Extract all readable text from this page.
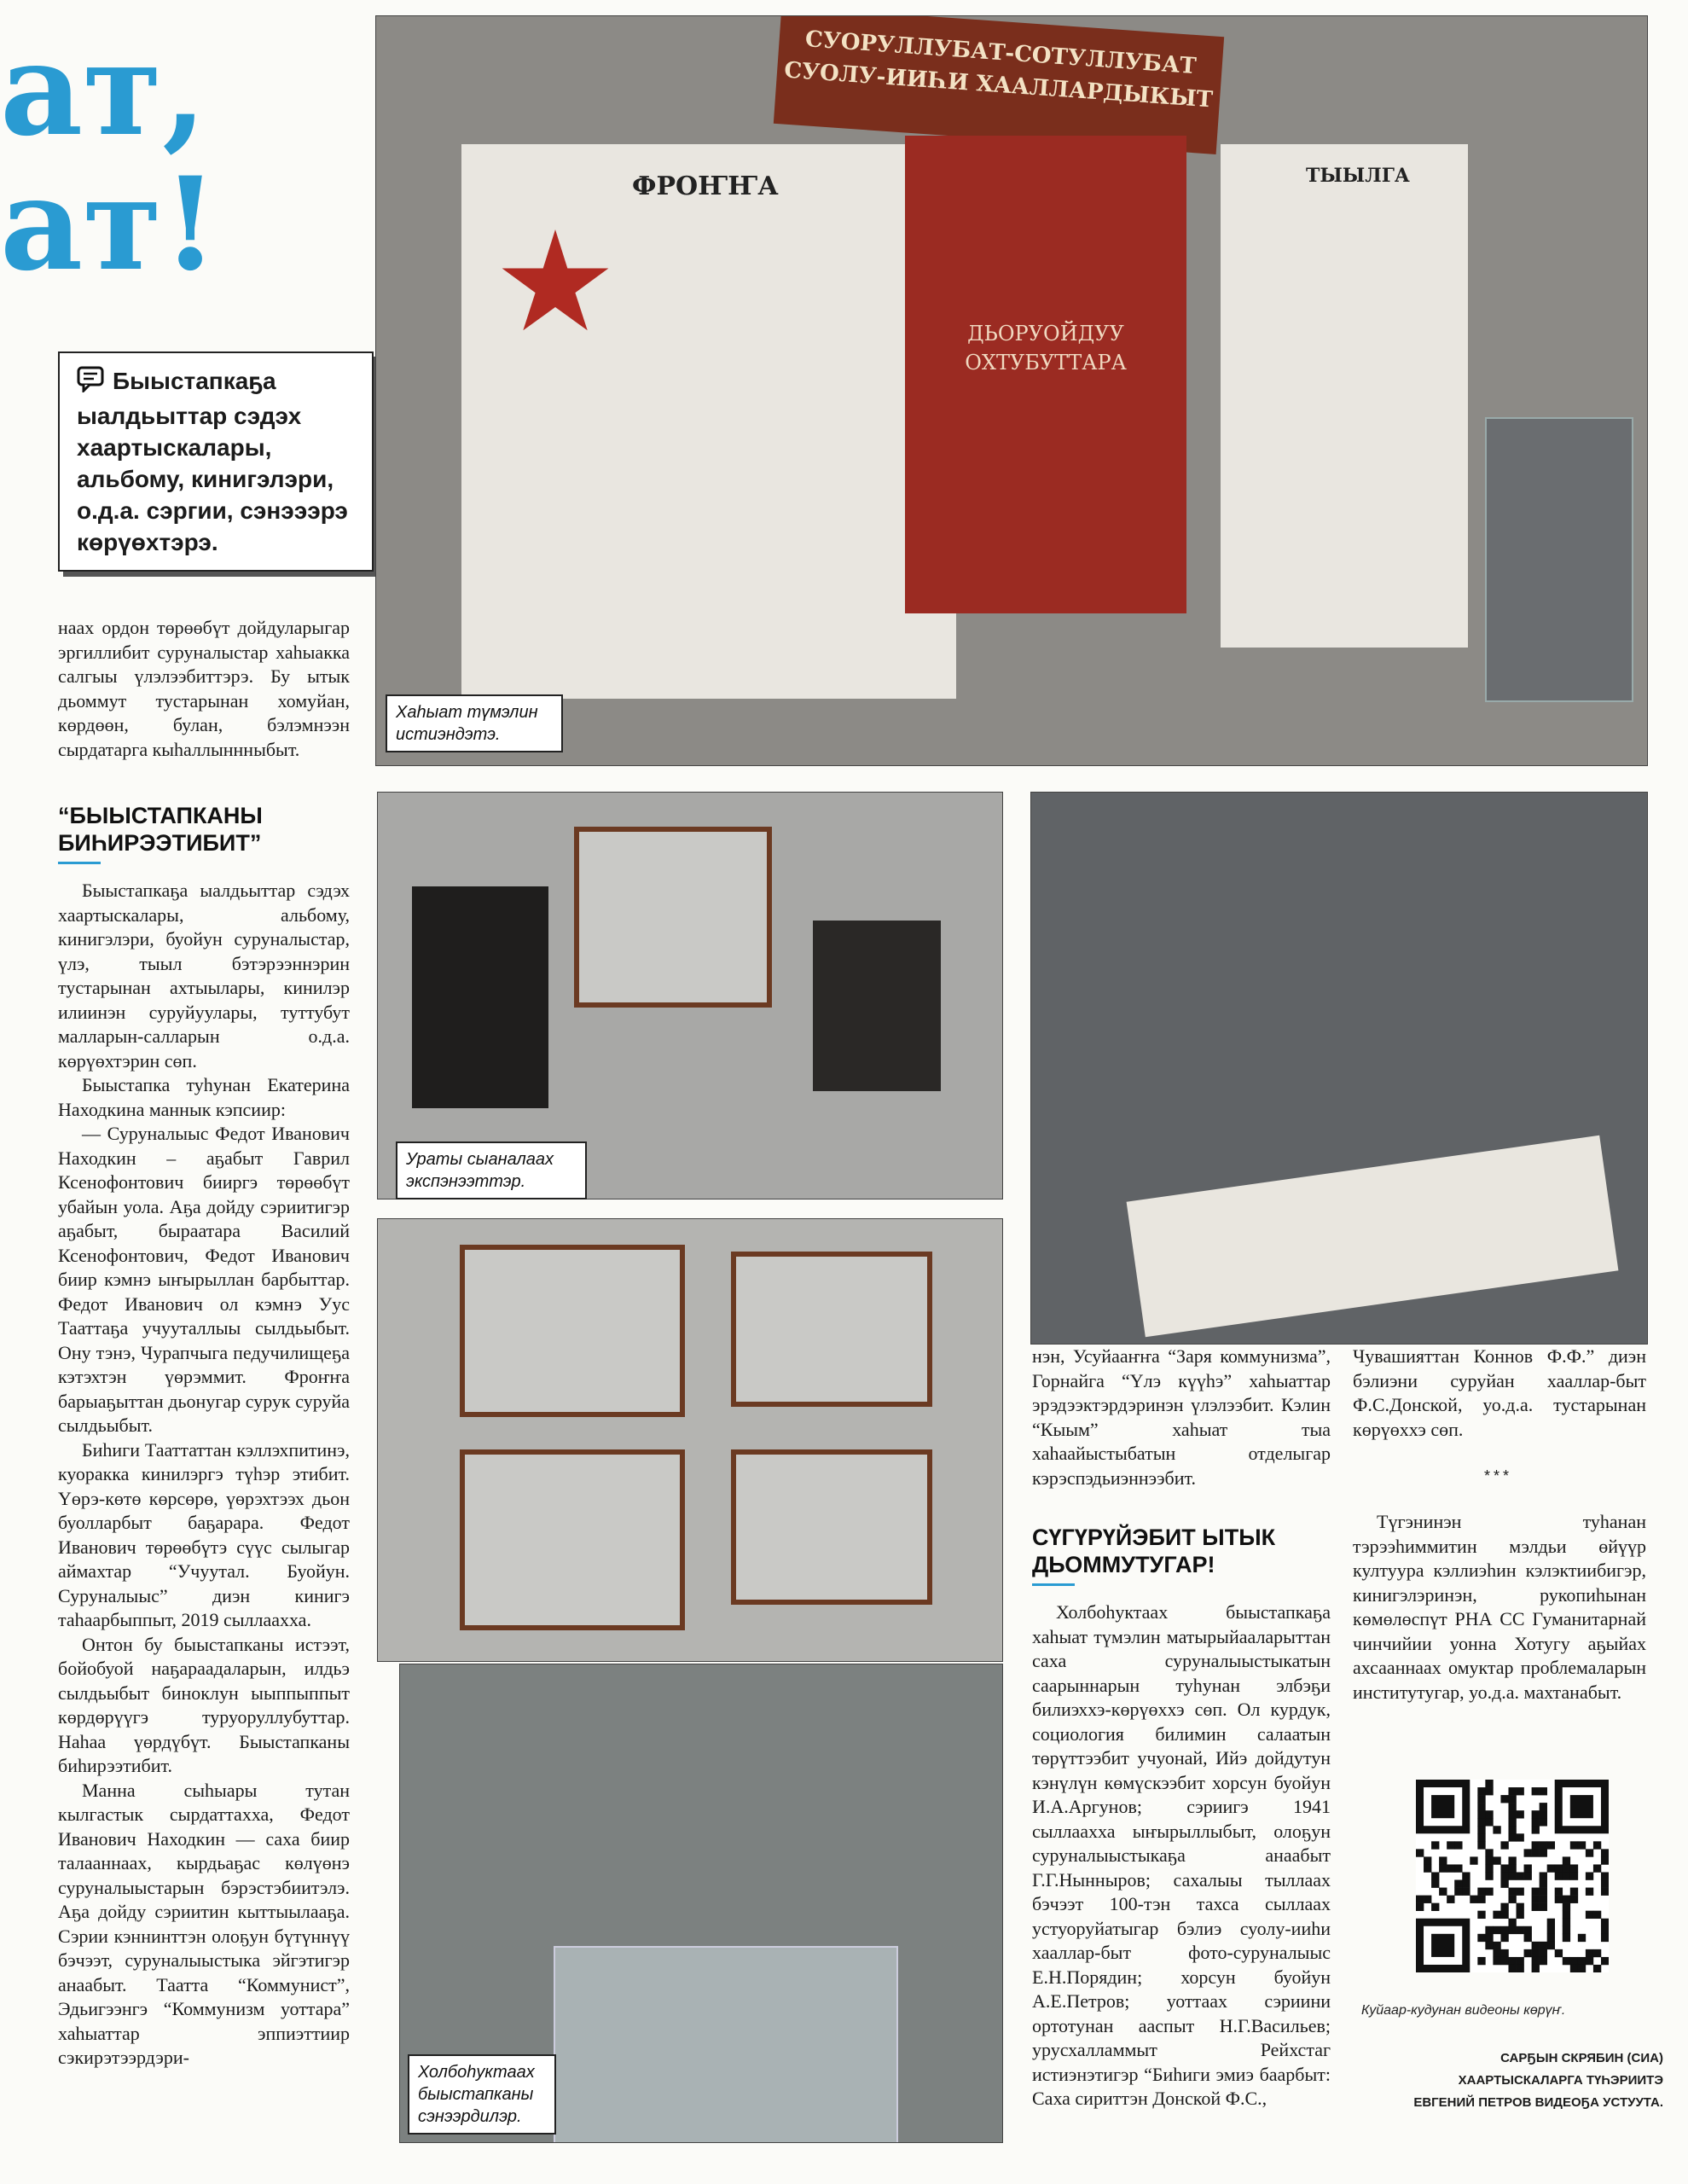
ат,
ат!
Быыстапкаҕа ыалдьыттар сэдэх хаартыскалары, альбому, кинигэлэри, о.д.а. сэргии, сэнэээрэ көрүөхтэрэ.

наах ордон төрөөбүт дойдуларыгар эргиллибит суруналыстар хаһыакка салгыы үлэлээбиттэрэ. Бу ытык дьоммут тустарынан хомуйан, көрдөөн, булан, бэлэмнээн сырдатарга кыһаллыннныбыт.

“БЫЫСТАПКАНЫ БИҺИРЭЭТИБИТ”

Быыстапкаҕа ыалдьыттар сэдэх хаартыскалары, альбому, кинигэлэри, буойун суруналыстар, үлэ, тыыл бэтэрээннэрин тустарынан ахтыылары, кинилэр илиинэн суруйуулары, туттубут малларын-салларын о.д.а. көрүөхтэрин сөп.

Быыстапка туһунан Екатерина Находкина маннык кэпсиир:

— Суруналыыс Федот Иванович Находкин – аҕабыт Гаврил Ксенофонтович бииргэ төрөөбүт убайын уола. Аҕа дойду сэриитигэр аҕабыт, быраатара Василий Ксенофонтович, Федот Иванович биир кэмнэ ыҥырыллан барбыттар. Федот Иванович ол кэмнэ Уус Тааттаҕа учууталлыы сылдьыбыт. Ону тэнэ, Чурапчыга педучилищеҕа кэтэхтэн үөрэммит. Фроҥҥа барыаҕыттан дьонугар сурук суруйа сылдьыбыт.

Биһиги Тааттаттан кэллэхпитинэ, куоракка кинилэргэ түһэр этибит. Үөрэ-көтө көрсөрө, үөрэхтээх дьон буолларбыт баҕарара. Федот Иванович төрөөбүтэ сүүс сылыгар аймахтар “Учуутал. Буойун. Суруналыыс” диэн кинигэ таһаарбыппыт, 2019 сыллаахха.

Онтон бу быыстапканы истээт, бойобуой наҕараадаларын, илдьэ сылдьыбыт биноклун ыыппыппыт көрдөрүүгэ туруоруллубуттар. Наһаа үөрдүбүт. Быыстапканы биһирээтибит.

Манна сыһыары тутан кылгастык сырдаттахха, Федот Иванович Находкин — саха биир талааннаах, кырдьаҕас көлүөнэ суруналыыстарын бэрэстэбиитэлэ. Аҕа дойду сэриитин кыттыылааҕа. Сэрии кэннинттэн олоҕун бүтүннүү бэчээт, суруналыыстыка эйгэтигэр анаабыт. Таатта “Коммунист”, Эдьигээнгэ “Коммунизм уоттара” хаһыаттар эппиэттиир сэкирэтээрдэри-

ФРОҤҤА
СУОРУЛЛУБАТ-СОТУЛЛУБАТ СУОЛУ-ИИҺИ ХААЛЛАРДЫКЫТ
ДЬОРУОЙДУУ ОХТУБУТТАРА
ТЫЫЛГА
Хаһыат түмэлин истиэндэтэ.
Ураты сыаналаах экспэнээттэр.
Холбоһуктаах быыстапканы сэнээрдилэр.

нэн, Усуйааҥҥа “Заря коммунизма”, Горнайга “Үлэ күүһэ” хаһыаттар эрэдээктэрдэринэн үлэлээбит. Кэлин “Кыым” хаһыат тыа хаһаайыстыбатын отделыгар кэрэспэдьиэннээбит.

СҮГҮРҮЙЭБИТ ЫТЫК ДЬОММУТУГАР!

Холбоһуктаах быыстапкаҕа хаһыат түмэлин матырыйааларыттан саха суруналыыстыкатын саарыннарын туһунан элбэҕи билиэххэ-көрүөххэ сөп. Ол курдук, социология билимин салаатын төрүттээбит учуонай, Ийэ дойдутун кэнүлүн көмүскээбит хорсун буойун И.А.Аргунов; сэриигэ 1941 сыллаахха ыҥырыллыбыт, олоҕун суруналыыстыкаҕа анаабыт Г.Г.Ныннырoв; сахалыы тыллаах бэчээт 100-тэн тахса сыллаах устуоруйатыгар бэлиэ суолу-ииһи хааллар-быт фото-суруналыыс Е.Н.Порядин; хорсун буойун А.Е.Петров; уоттаах сэриини ортотунан ааспыт Н.Г.Васильев; урусхалламмыт Рейхстаг истиэнэтигэр “Биһиги эмиэ баарбыт: Саха сириттэн Донской Ф.С.,

Чувашияттан Коннов Ф.Ф.” диэн бэлиэни суруйан хааллар-быт Ф.С.Донской, уо.д.а. тустарынан көрүөххэ сөп.

***

Түгэнинэн туһанан тэрээһиммитин мэлдьи өйүүр култуура кэллиэһин кэлэктиибигэр, кинигэлэринэн, рукопиһынан көмөлөспүт РНА СС Гуманитарнай чинчийии уонна Хотугу аҕыйах ахсааннаах омуктар проблемаларын институтугар, уо.д.а. махтанабыт.

Куйаар-кудунан видеоны көрүҥ.
САРҔЫН СКРЯБИН (СИА)
ХААРТЫСКАЛАРГА ТҮҺЭРИИТЭ
ЕВГЕНИЙ ПЕТРОВ ВИДЕОҔА УСТУУТА.
